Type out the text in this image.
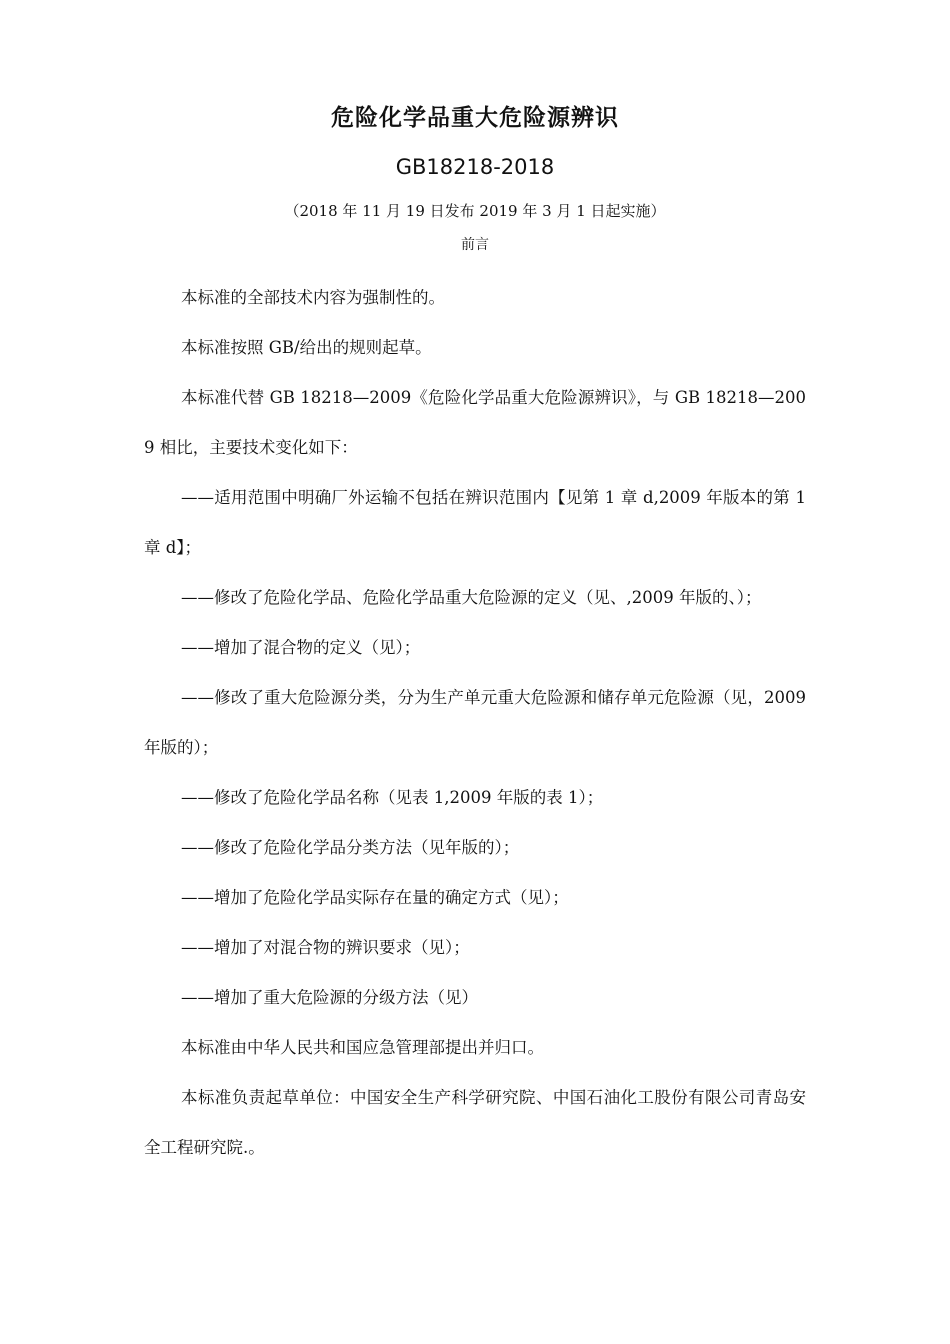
危险化学品重大危险源辨识
GB18218-2018
（2018 年 11 月 19 日发布 2019 年 3 月 1 日起实施）
前言

本标准的全部技术内容为强制性的。

本标准按照 GB/给出的规则起草。

本标准代替 GB 18218—2009《危险化学品重大危险源辨识》，与 GB 18218—2009 相比，主要技术变化如下：

——适用范围中明确厂外运输不包括在辨识范围内【见第 1 章 d,2009 年版本的第 1 章 d】；

——修改了危险化学品、危险化学品重大危险源的定义（见、,2009 年版的、）；

——增加了混合物的定义（见）；

——修改了重大危险源分类，分为生产单元重大危险源和储存单元危险源（见，2009 年版的）；

——修改了危险化学品名称（见表 1,2009 年版的表 1）；

——修改了危险化学品分类方法（见年版的）；

——增加了危险化学品实际存在量的确定方式（见）；

——增加了对混合物的辨识要求（见）；

——增加了重大危险源的分级方法（见）

本标准由中华人民共和国应急管理部提出并归口。

本标准负责起草单位：中国安全生产科学研究院、中国石油化工股份有限公司青岛安全工程研究院.。
